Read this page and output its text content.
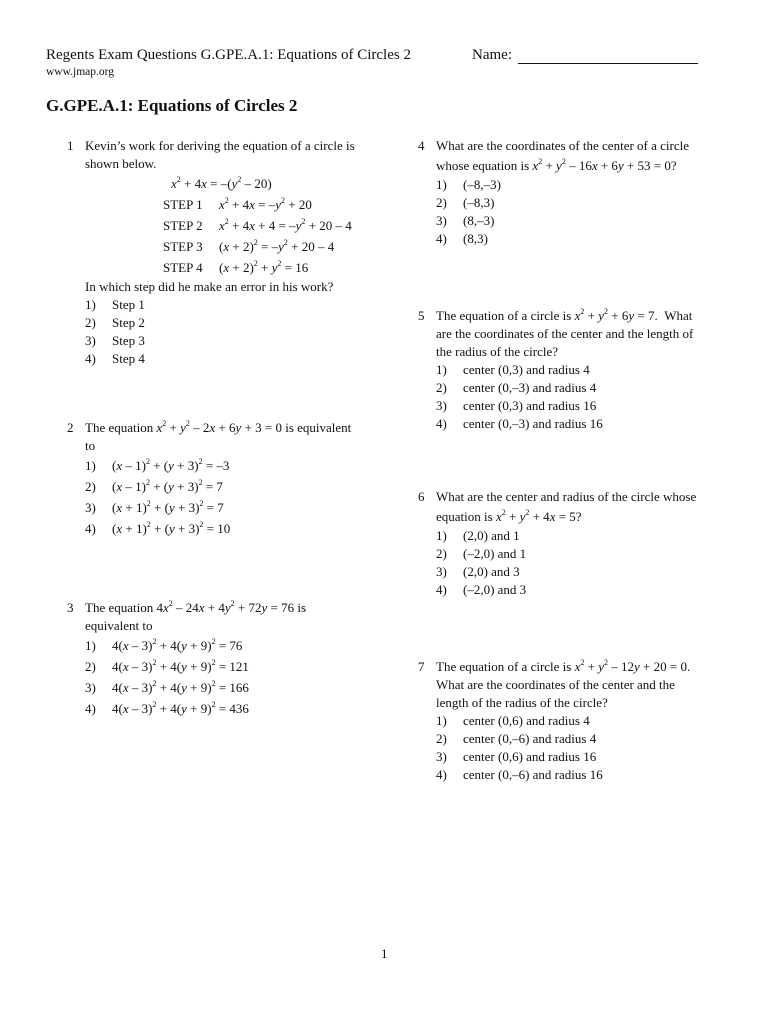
Regents Exam Questions G.GPE.A.1: Equations of Circles 2
www.jmap.org
Name:
G.GPE.A.1: Equations of Circles 2
1 Kevin’s work for deriving the equation of a circle is
shown below.
$x^2 + 4x = -(y^2 - 20)$
STEP 1 $x^2 + 4x = -y^2 + 20$
STEP 2 $x^2 + 4x + 4 = -y^2 + 20 - 4$
STEP 3 $(x + 2)^2 = -y^2 + 20 - 4$
STEP 4 $(x + 2)^2 + y^2 = 16$
In which step did he make an error in his work?
1) Step 1
2) Step 2
3) Step 3
4) Step 4
2 The equation $x^2 + y^2 - 2x + 6y + 3 = 0$ is equivalent
to
1) $(x - 1)^2 + (y + 3)^2 = -3$
2) $(x - 1)^2 + (y + 3)^2 = 7$
3) $(x + 1)^2 + (y + 3)^2 = 7$
4) $(x + 1)^2 + (y + 3)^2 = 10$
3 The equation $4x^2 - 24x + 4y^2 + 72y = 76$ is
equivalent to
1) $4(x - 3)^2 + 4(y + 9)^2 = 76$
2) $4(x - 3)^2 + 4(y + 9)^2 = 121$
3) $4(x - 3)^2 + 4(y + 9)^2 = 166$
4) $4(x - 3)^2 + 4(y + 9)^2 = 436$
4 What are the coordinates of the center of a circle
whose equation is $x^2 + y^2 - 16x + 6y + 53 = 0$?
1) (–8,–3)
2) (–8,3)
3) (8,–3)
4) (8,3)
5 The equation of a circle is $x^2 + y^2 + 6y = 7$.  What
are the coordinates of the center and the length of
the radius of the circle?
1) center (0,3) and radius 4
2) center (0,–3) and radius 4
3) center (0,3) and radius 16
4) center (0,–3) and radius 16
6 What are the center and radius of the circle whose
equation is $x^2 + y^2 + 4x = 5$?
1) (2,0) and 1
2) (–2,0) and 1
3) (2,0) and 3
4) (–2,0) and 3
7 The equation of a circle is $x^2 + y^2 - 12y + 20 = 0$.
What are the coordinates of the center and the
length of the radius of the circle?
1) center (0,6) and radius 4
2) center (0,–6) and radius 4
3) center (0,6) and radius 16
4) center (0,–6) and radius 16
1
